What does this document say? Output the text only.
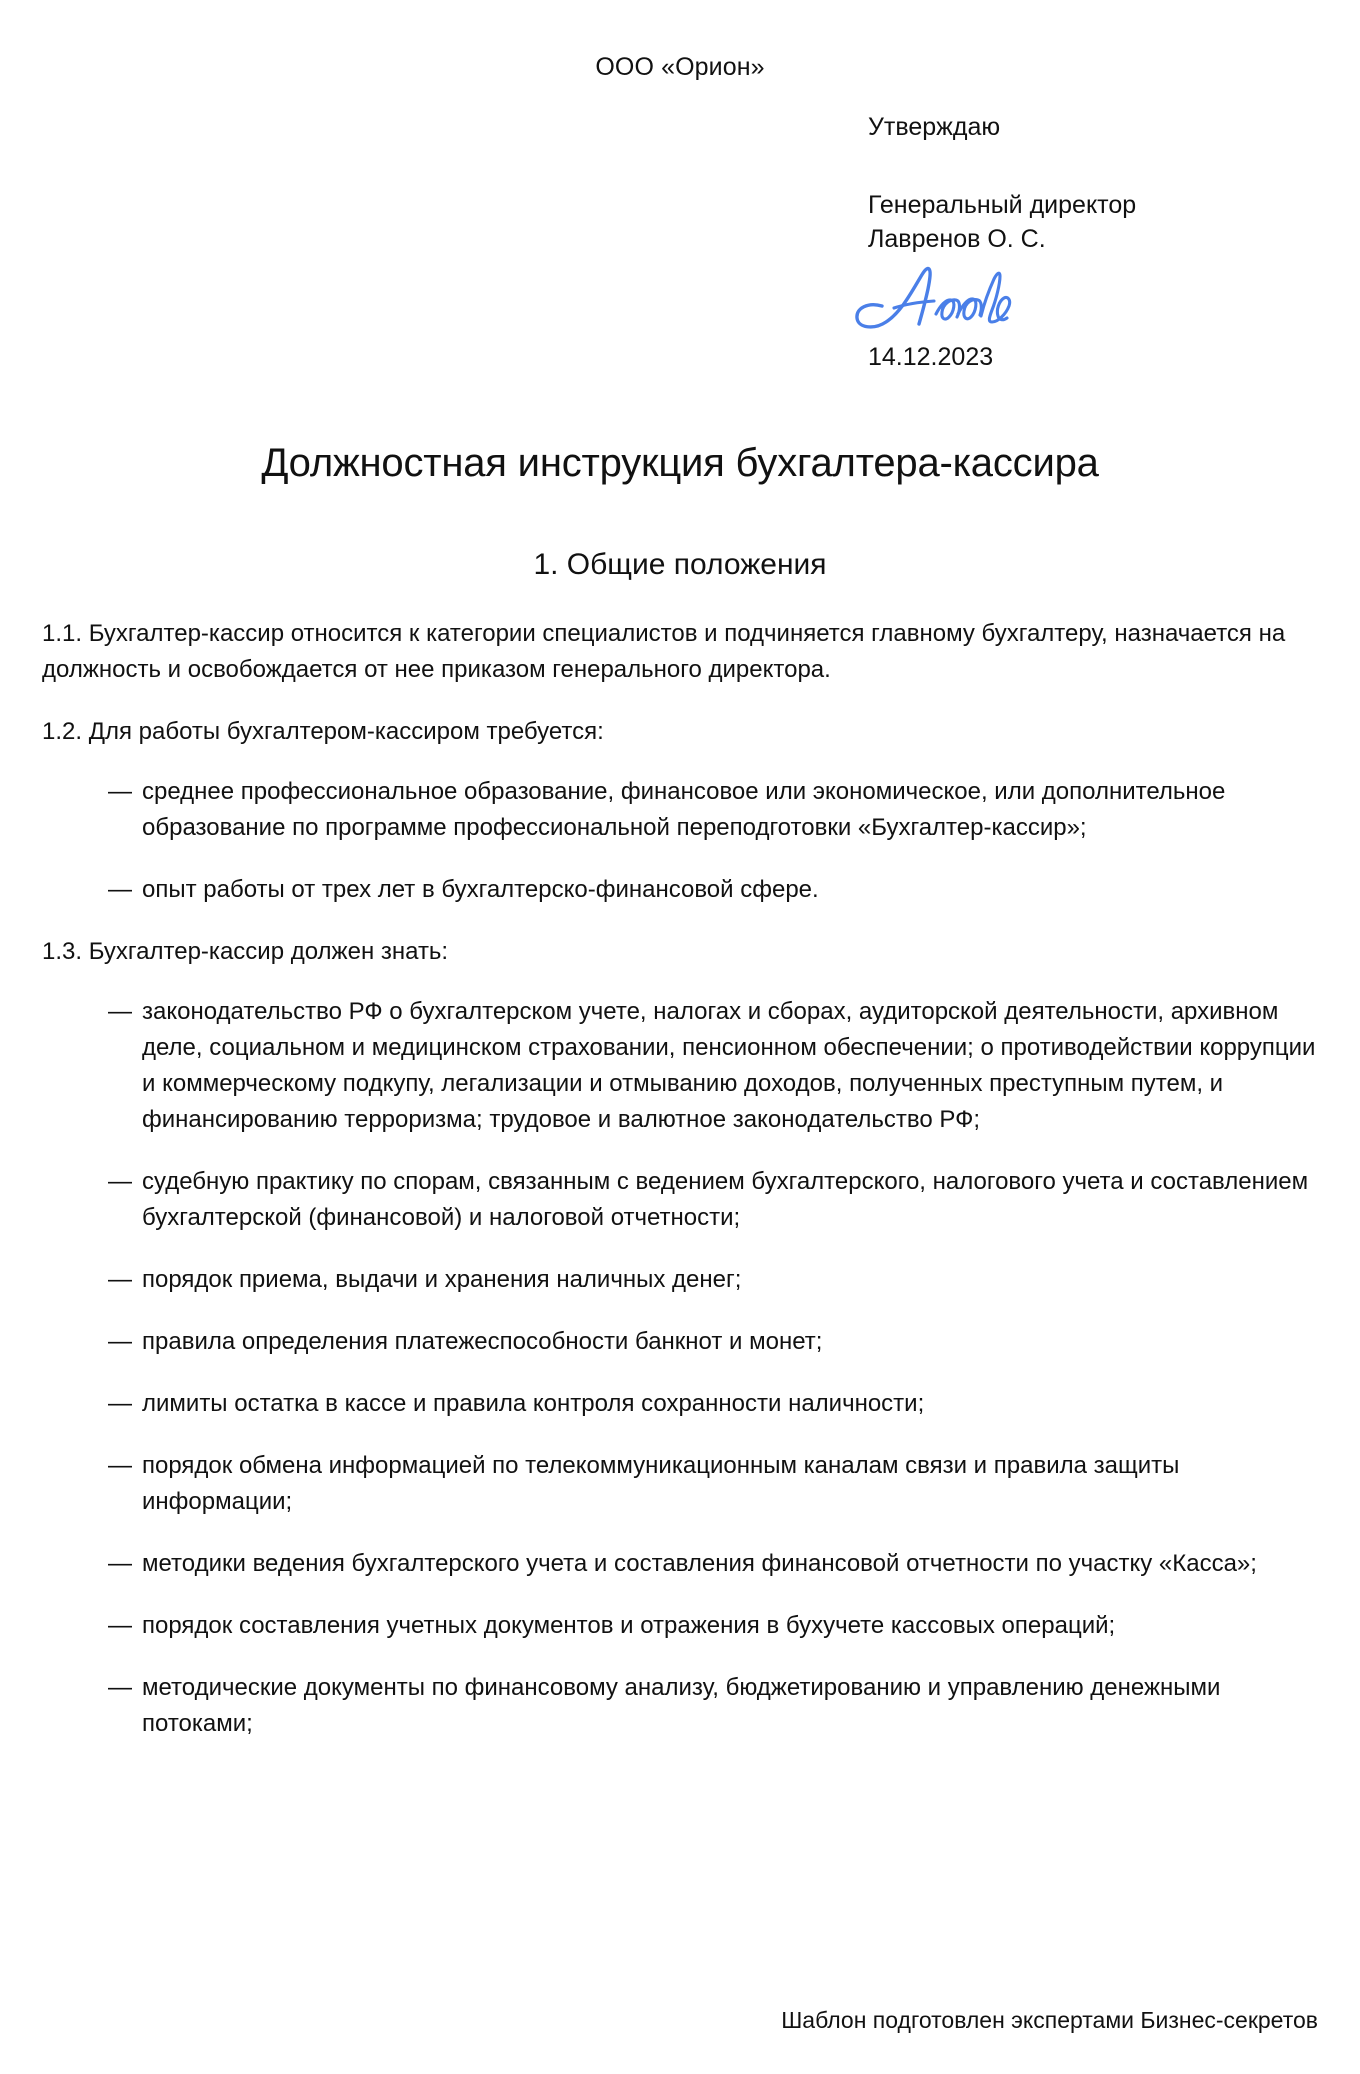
ООО «Орион»

Утверждаю

Генеральный директор

Лавренов О. С.

14.12.2023

Должностная инструкция бухгалтера-кассира
1. Общие положения

1.1. Бухгалтер-кассир относится к категории специалистов и подчиняется главному бухгалтеру, назначается на должность и освобождается от нее приказом генерального директора.

1.2. Для работы бухгалтером-кассиром требуется:

— среднее профессиональное образование, финансовое или экономическое, или дополнительное образование по программе профессиональной переподготовки «Бухгалтер-кассир»;
— опыт работы от трех лет в бухгалтерско-финансовой сфере.

1.3. Бухгалтер-кассир должен знать:

— законодательство РФ о бухгалтерском учете, налогах и сборах, аудиторской деятельности, архивном деле, социальном и медицинском страховании, пенсионном обеспечении; о противодействии коррупции и коммерческому подкупу, легализации и отмыванию доходов, полученных преступным путем, и финансированию терроризма; трудовое и валютное законодательство РФ;
— судебную практику по спорам, связанным с ведением бухгалтерского, налогового учета и составлением бухгалтерской (финансовой) и налоговой отчетности;
— порядок приема, выдачи и хранения наличных денег;
— правила определения платежеспособности банкнот и монет;
— лимиты остатка в кассе и правила контроля сохранности наличности;
— порядок обмена информацией по телекоммуникационным каналам связи и правила защиты информации;
— методики ведения бухгалтерского учета и составления финансовой отчетности по участку «Касса»;
— порядок составления учетных документов и отражения в бухучете кассовых операций;
— методические документы по финансовому анализу, бюджетированию и управлению денежными потоками;
Шаблон подготовлен экспертами Бизнес-секретов
